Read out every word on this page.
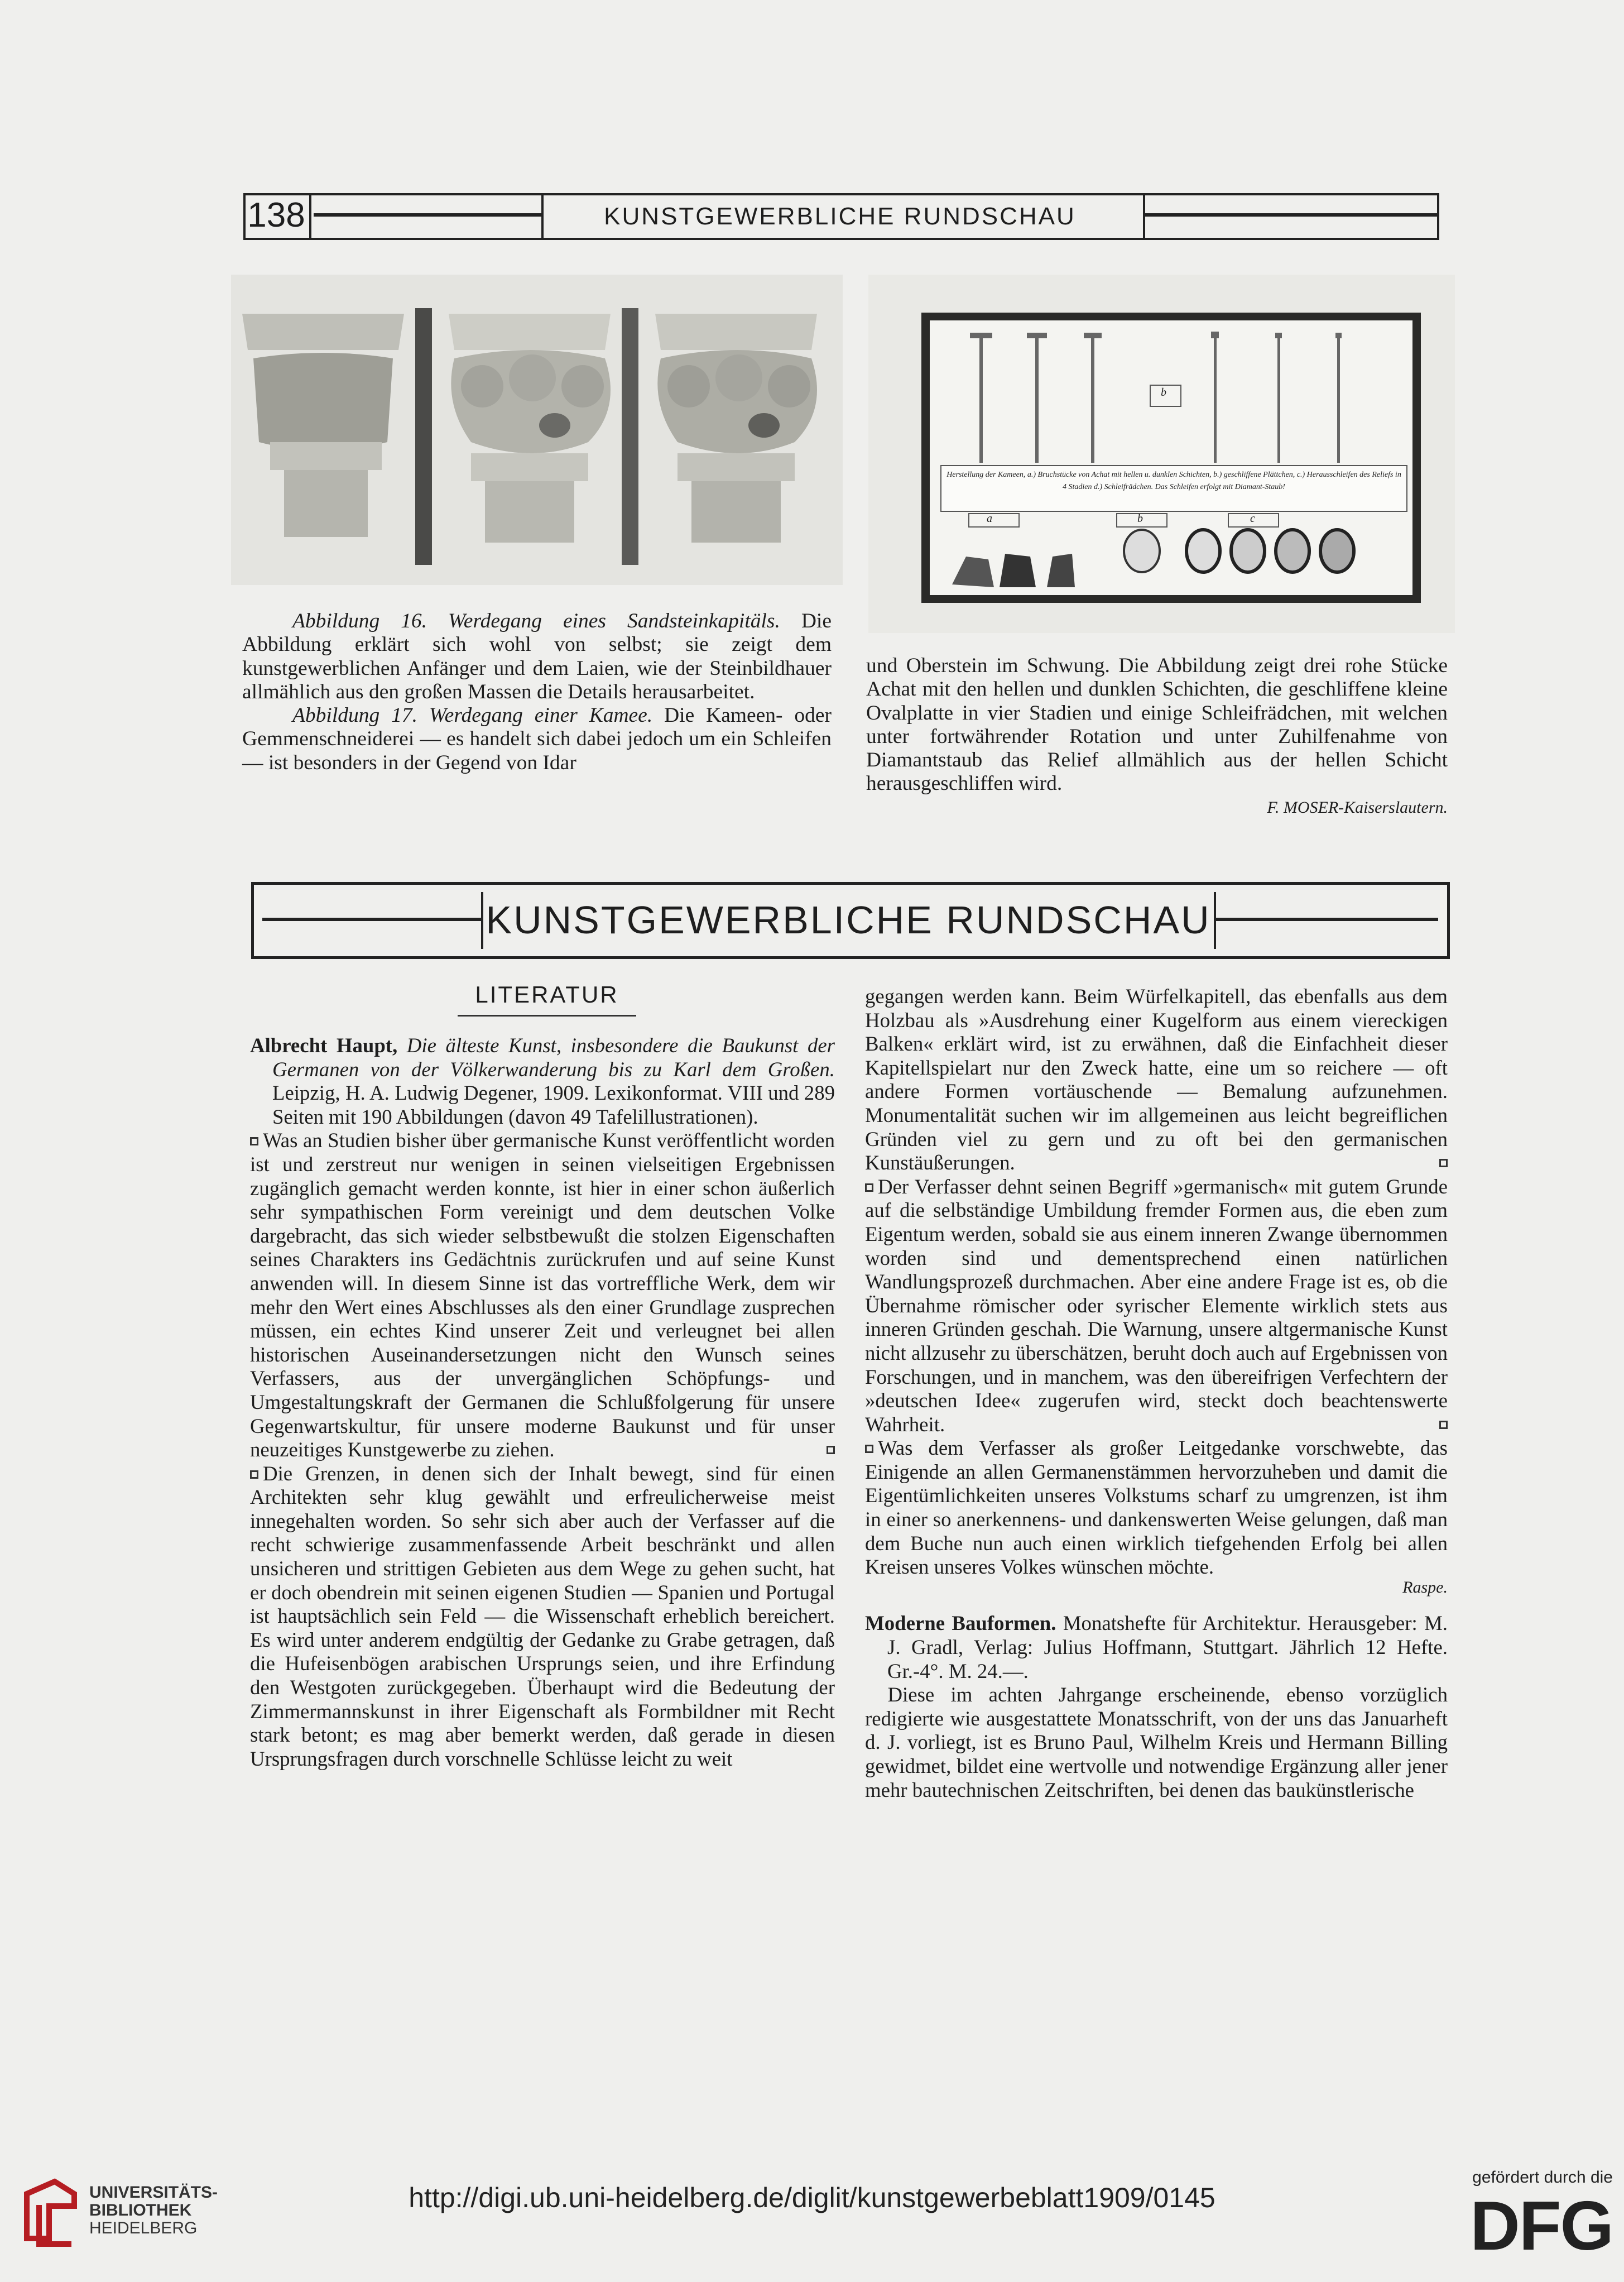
138	KUNSTGEWERBLICHE RUNDSCHAU
Herstellung der Kameen, a.) Bruchstücke von Achat mit hellen u. dunklen Schichten, b.) geschliffene Plättchen, c.) Herausschleifen des Reliefs in 4 Stadien d.) Schleifrädchen. Das Schleifen erfolgt mit Diamant-Staub!
a	b	c
b

Abbildung 16. Werdegang eines Sandsteinkapitäls. Die Abbildung erklärt sich wohl von selbst; sie zeigt dem kunstgewerblichen Anfänger und dem Laien, wie der Steinbildhauer allmählich aus den großen Massen die Details herausarbeitet.

Abbildung 17. Werdegang einer Kamee. Die Kameen- oder Gemmenschneiderei — es handelt sich dabei jedoch um ein Schleifen — ist besonders in der Gegend von Idar

und Oberstein im Schwung. Die Abbildung zeigt drei rohe Stücke Achat mit den hellen und dunklen Schichten, die geschliffene kleine Ovalplatte in vier Stadien und einige Schleifrädchen, mit welchen unter fortwährender Rotation und unter Zuhilfenahme von Diamantstaub das Relief allmählich aus der hellen Schicht herausgeschliffen wird.

F. MOSER-Kaiserslautern.

KUNSTGEWERBLICHE RUNDSCHAU
LITERATUR

Albrecht Haupt, Die älteste Kunst, insbesondere die Baukunst der Germanen von der Völkerwanderung bis zu Karl dem Großen. Leipzig, H. A. Ludwig Degener, 1909. Lexikonformat. VIII und 289 Seiten mit 190 Abbildungen (davon 49 Tafelillustrationen).

Was an Studien bisher über germanische Kunst veröffentlicht worden ist und zerstreut nur wenigen in seinen vielseitigen Ergebnissen zugänglich gemacht werden konnte, ist hier in einer schon äußerlich sehr sympathischen Form vereinigt und dem deutschen Volke dargebracht, das sich wieder selbstbewußt die stolzen Eigenschaften seines Charakters ins Gedächtnis zurückrufen und auf seine Kunst anwenden will. In diesem Sinne ist das vortreffliche Werk, dem wir mehr den Wert eines Abschlusses als den einer Grundlage zusprechen müssen, ein echtes Kind unserer Zeit und verleugnet bei allen historischen Auseinandersetzungen nicht den Wunsch seines Verfassers, aus der unvergänglichen Schöpfungs- und Umgestaltungskraft der Germanen die Schlußfolgerung für unsere Gegenwartskultur, für unsere moderne Baukunst und für unser neuzeitiges Kunstgewerbe zu ziehen.

Die Grenzen, in denen sich der Inhalt bewegt, sind für einen Architekten sehr klug gewählt und erfreulicherweise meist innegehalten worden. So sehr sich aber auch der Verfasser auf die recht schwierige zusammenfassende Arbeit beschränkt und allen unsicheren und strittigen Gebieten aus dem Wege zu gehen sucht, hat er doch obendrein mit seinen eigenen Studien — Spanien und Portugal ist hauptsächlich sein Feld — die Wissenschaft erheblich bereichert. Es wird unter anderem endgültig der Gedanke zu Grabe getragen, daß die Hufeisenbögen arabischen Ursprungs seien, und ihre Erfindung den Westgoten zurückgegeben. Überhaupt wird die Bedeutung der Zimmermannskunst in ihrer Eigenschaft als Formbildner mit Recht stark betont; es mag aber bemerkt werden, daß gerade in diesen Ursprungsfragen durch vorschnelle Schlüsse leicht zu weit

gegangen werden kann. Beim Würfelkapitell, das ebenfalls aus dem Holzbau als »Ausdrehung einer Kugelform aus einem viereckigen Balken« erklärt wird, ist zu erwähnen, daß die Einfachheit dieser Kapitellspielart nur den Zweck hatte, eine um so reichere — oft andere Formen vortäuschende — Bemalung aufzunehmen. Monumentalität suchen wir im allgemeinen aus leicht begreiflichen Gründen viel zu gern und zu oft bei den germanischen Kunstäußerungen.

Der Verfasser dehnt seinen Begriff »germanisch« mit gutem Grunde auf die selbständige Umbildung fremder Formen aus, die eben zum Eigentum werden, sobald sie aus einem inneren Zwange übernommen worden sind und dementsprechend einen natürlichen Wandlungsprozeß durchmachen. Aber eine andere Frage ist es, ob die Übernahme römischer oder syrischer Elemente wirklich stets aus inneren Gründen geschah. Die Warnung, unsere altgermanische Kunst nicht allzusehr zu überschätzen, beruht doch auch auf Ergebnissen von Forschungen, und in manchem, was den übereifrigen Verfechtern der »deutschen Idee« zugerufen wird, steckt doch beachtenswerte Wahrheit.

Was dem Verfasser als großer Leitgedanke vorschwebte, das Einigende an allen Germanenstämmen hervorzuheben und damit die Eigentümlichkeiten unseres Volkstums scharf zu umgrenzen, ist ihm in einer so anerkennens- und dankenswerten Weise gelungen, daß man dem Buche nun auch einen wirklich tiefgehenden Erfolg bei allen Kreisen unseres Volkes wünschen möchte.

Raspe.

Moderne Bauformen. Monatshefte für Architektur. Herausgeber: M. J. Gradl, Verlag: Julius Hoffmann, Stuttgart. Jährlich 12 Hefte. Gr.-4°. M. 24.—.

Diese im achten Jahrgange erscheinende, ebenso vorzüglich redigierte wie ausgestattete Monatsschrift, von der uns das Januarheft d. J. vorliegt, ist es Bruno Paul, Wilhelm Kreis und Hermann Billing gewidmet, bildet eine wertvolle und notwendige Ergänzung aller jener mehr bautechnischen Zeitschriften, bei denen das baukünstlerische

UNIVERSITÄTS-
BIBLIOTHEK
HEIDELBERG
http://digi.ub.uni-heidelberg.de/diglit/kunstgewerbeblatt1909/0145
gefördert durch die
DFG
